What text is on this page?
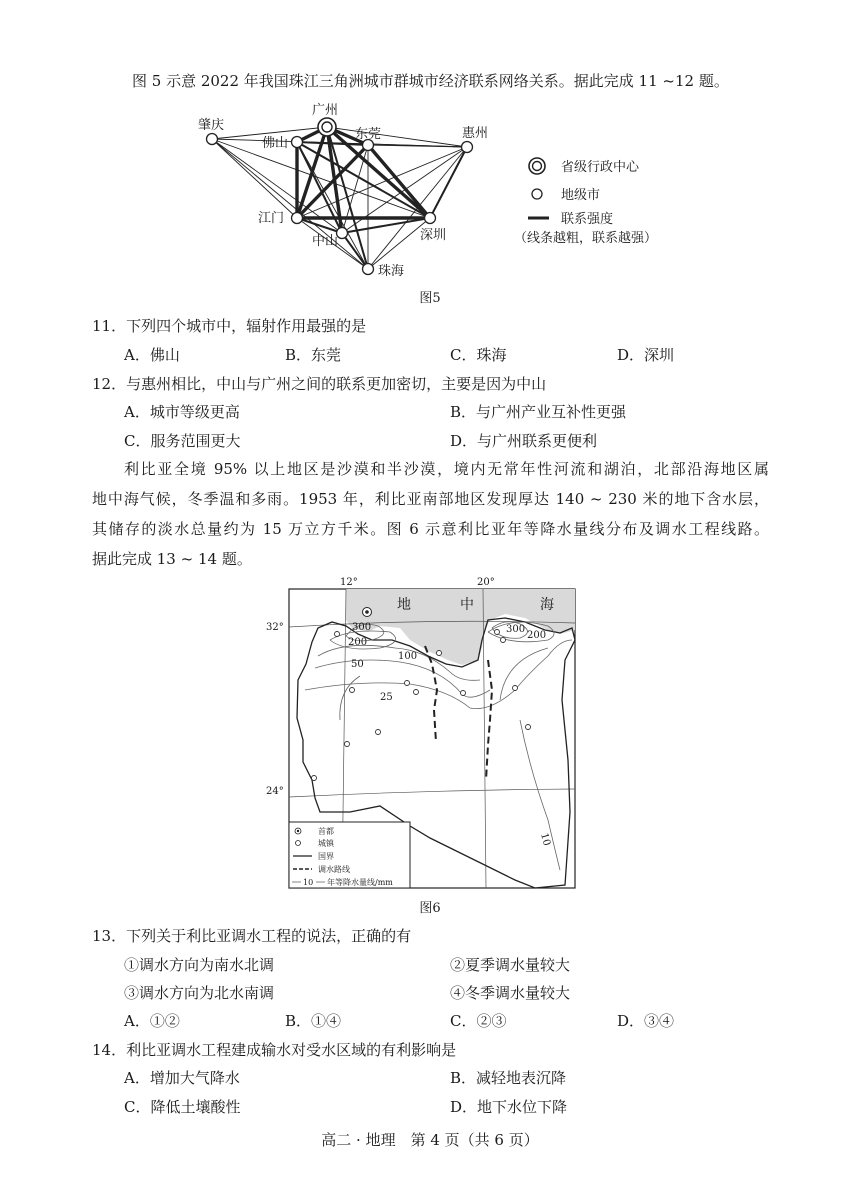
图 5 示意 2022 年我国珠江三角洲城市群城市经济联系网络关系。据此完成 11 ~12 题。
肇庆
广州
佛山
东莞	惠州
江门
中山	深圳
珠海
省级行政中心
地级市
联系强度
（线条越粗，联系越强）
图5
11．下列四个城市中，辐射作用最强的是
A．佛山	B．东莞	C．珠海	D．深圳
12．与惠州相比，中山与广州之间的联系更加密切，主要是因为中山
A．城市等级更高	B．与广州产业互补性更强
C．服务范围更大	D．与广州联系更便利
利比亚全境 95% 以上地区是沙漠和半沙漠，境内无常年性河流和湖泊，北部沿海地区属
地中海气候，冬季温和多雨。1953 年，利比亚南部地区发现厚达 140 ~ 230 米的地下含水层，
其储存的淡水总量约为 15 万立方千米。图 6 示意利比亚年等降水量线分布及调水工程线路。
据此完成 13 ~ 14 题。
12°	20°
32°
24°
地	中	海
300
200
100
50
25
300
200
10
首都
城镇
国界
调水路线
10 年等降水量线/mm
图6
13．下列关于利比亚调水工程的说法，正确的有
①调水方向为南水北调	②夏季调水量较大
③调水方向为北水南调	④冬季调水量较大
A．①②	B．①④	C．②③	D．③④
14．利比亚调水工程建成输水对受水区域的有利影响是
A．增加大气降水	B．减轻地表沉降
C．降低土壤酸性	D．地下水位下降
高二 · 地理　第 4 页（共 6 页）
